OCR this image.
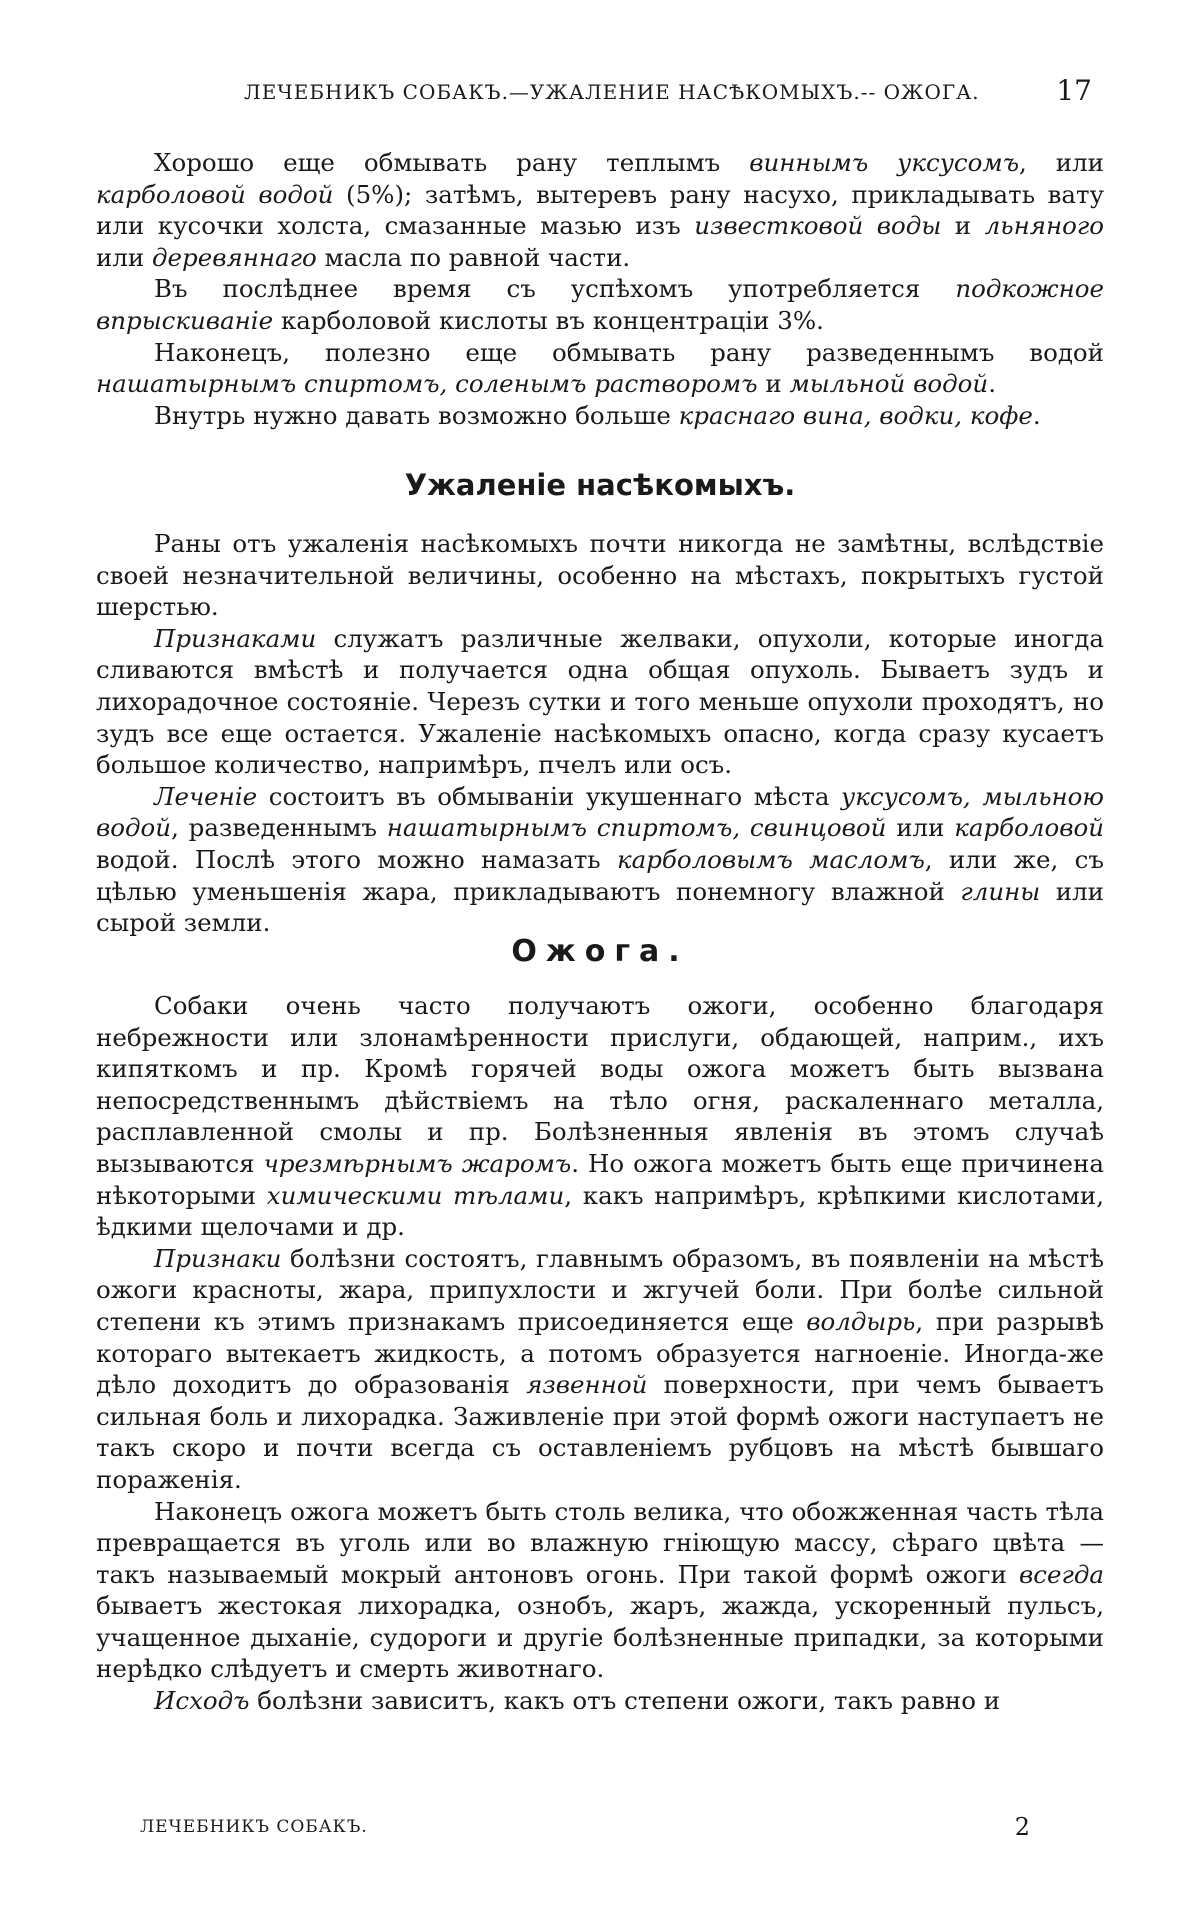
ЛЕЧЕБНИКЪ СОБАКЪ.—УЖАЛЕНИЕ НАСѢКОМЫХЪ.-- ОЖОГА.	17

Хорошо еще обмывать рану теплымъ виннымъ уксусомъ, или карболовой водой (5%); затѣмъ, вытеревъ рану насухо, прикладывать вату или кусочки холста, смазанные мазью изъ известковой воды и льняного или деревяннаго масла по равной части.

Въ послѣднее время съ успѣхомъ употребляется подкожное впрыскиваніе карболовой кислоты въ концентраціи 3%.

Наконецъ, полезно еще обмывать рану разведеннымъ водой нашатырнымъ спиртомъ, соленымъ растворомъ и мыльной водой.

Внутрь нужно давать возможно больше краснаго вина, водки, кофе.

Ужаленіе насѣкомыхъ.

Раны отъ ужаленія насѣкомыхъ почти никогда не замѣтны, вслѣдствіе своей незначительной величины, особенно на мѣстахъ, покрытыхъ густой шерстью.

Признаками служатъ различные желваки, опухоли, которые иногда сливаются вмѣстѣ и получается одна общая опухоль. Бываетъ зудъ и лихорадочное состояніе. Черезъ сутки и того меньше опухоли проходятъ, но зудъ все еще остается. Ужаленіе насѣкомыхъ опасно, когда сразу кусаетъ большое количество, напримѣръ, пчелъ или осъ.

Леченіе состоитъ въ обмываніи укушеннаго мѣста уксусомъ, мыльною водой, разведеннымъ нашатырнымъ спиртомъ, свинцовой или карболовой водой. Послѣ этого можно намазать карболовымъ масломъ, или же, съ цѣлью уменьшенія жара, прикладываютъ понемногу влажной глины или сырой земли.

Ожога.

Собаки очень часто получаютъ ожоги, особенно благодаря небрежности или злонамѣренности прислуги, обдающей, наприм., ихъ кипяткомъ и пр. Кромѣ горячей воды ожога можетъ быть вызвана непосредственнымъ дѣйствіемъ на тѣло огня, раскаленнаго металла, расплавленной смолы и пр. Болѣзненныя явленія въ этомъ случаѣ вызываются чрезмѣрнымъ жаромъ. Но ожога можетъ быть еще причинена нѣкоторыми химическими тѣлами, какъ напримѣръ, крѣпкими кислотами, ѣдкими щелочами и др.

Признаки болѣзни состоятъ, главнымъ образомъ, въ появленіи на мѣстѣ ожоги красноты, жара, припухлости и жгучей боли. При болѣе сильной степени къ этимъ признакамъ присоединяется еще волдырь, при разрывѣ котораго вытекаетъ жидкость, а потомъ образуется нагноеніе. Иногда-же дѣло доходитъ до образованія язвенной поверхности, при чемъ бываетъ сильная боль и лихорадка. Заживленіе при этой формѣ ожоги наступаетъ не такъ скоро и почти всегда съ оставленіемъ рубцовъ на мѣстѣ бывшаго пораженія.

Наконецъ ожога можетъ быть столь велика, что обожженная часть тѣла превращается въ уголь или во влажную гніющую массу, сѣраго цвѣта — такъ называемый мокрый антоновъ огонь. При такой формѣ ожоги всегда бываетъ жестокая лихорадка, ознобъ, жаръ, жажда, ускоренный пульсъ, учащенное дыханіе, судороги и другіе болѣзненные припадки, за которыми нерѣдко слѣдуетъ и смерть животнаго.

Исходъ болѣзни зависитъ, какъ отъ степени ожоги, такъ равно и

ЛЕЧЕБНИКЪ СОБАКЪ.	2
